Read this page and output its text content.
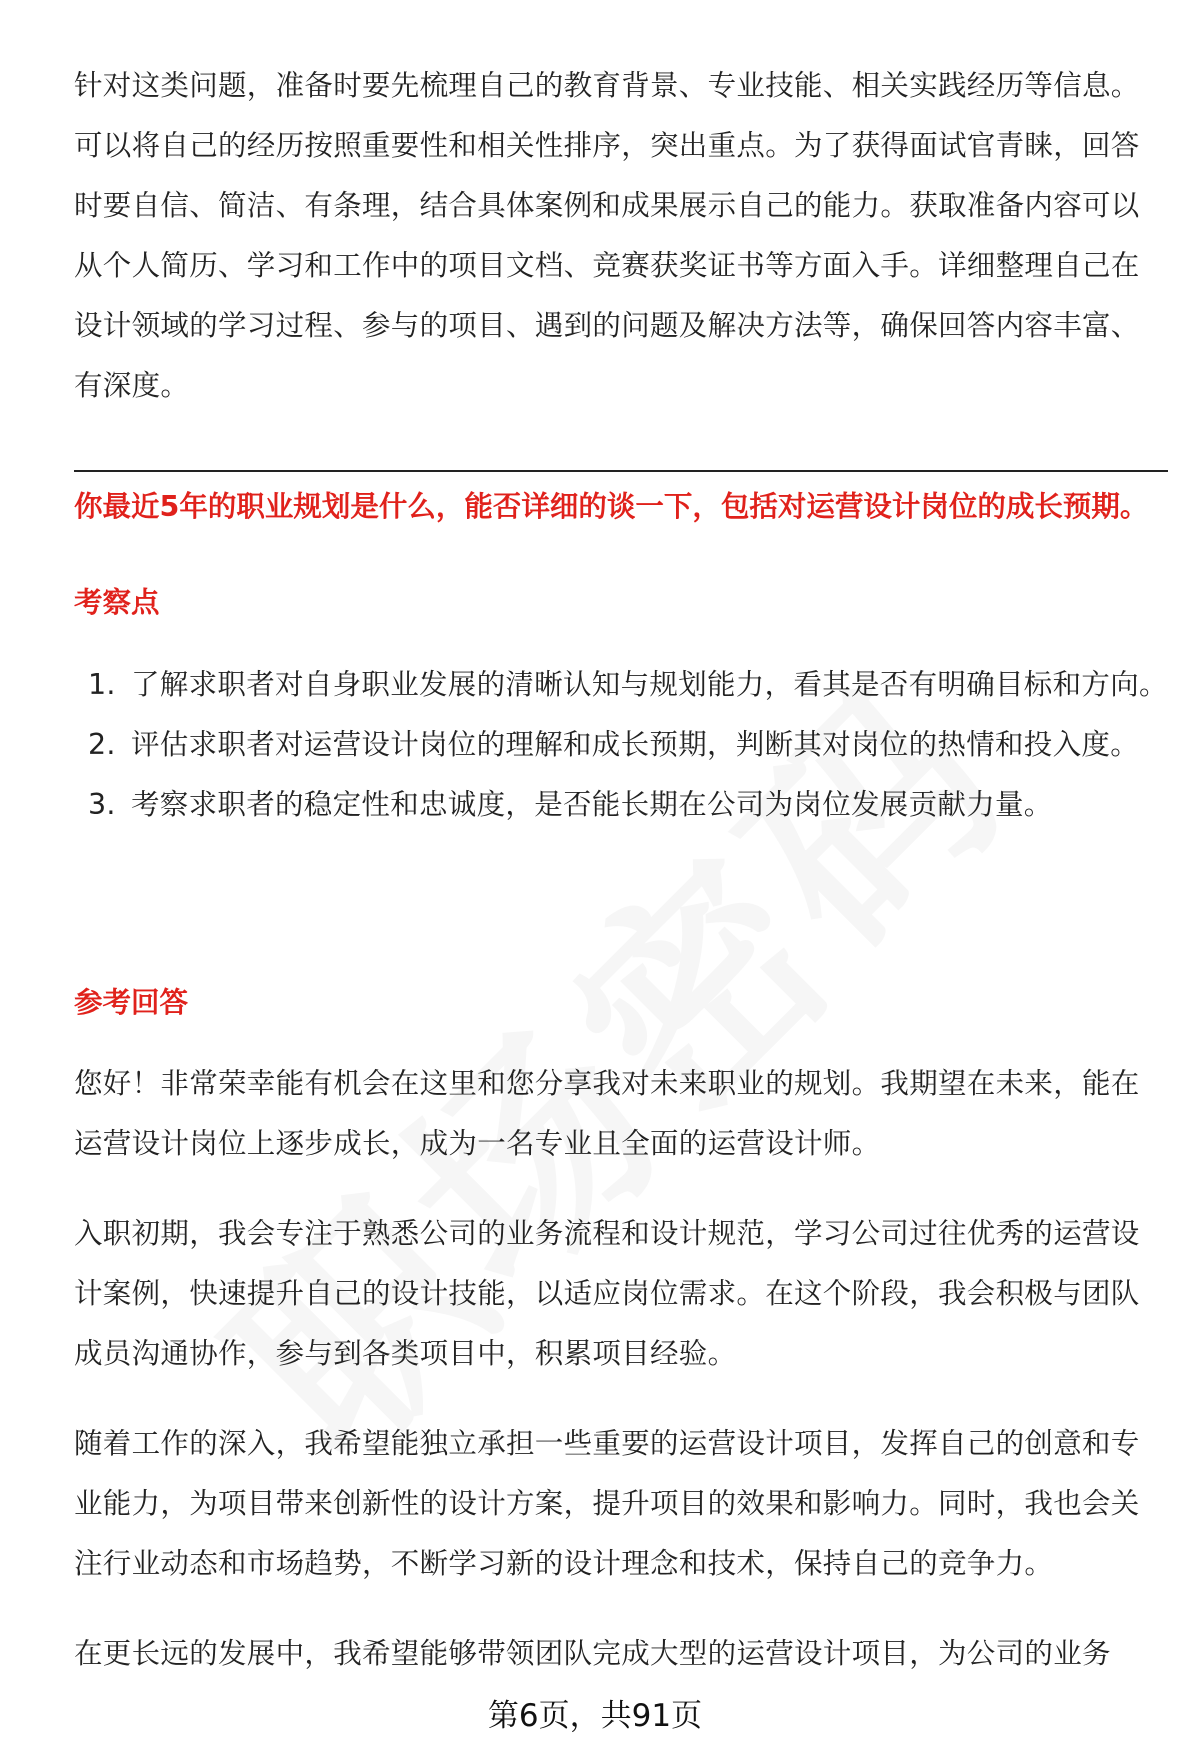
针对这类问题，准备时要先梳理自己的教育背景、专业技能、相关实践经历等信息。可以将自己的经历按照重要性和相关性排序，突出重点。为了获得面试官青睐，回答时要自信、简洁、有条理，结合具体案例和成果展示自己的能力。获取准备内容可以从个人简历、学习和工作中的项目文档、竞赛获奖证书等方面入手。详细整理自己在设计领域的学习过程、参与的项目、遇到的问题及解决方法等，确保回答内容丰富、有深度。

你最近5年的职业规划是什么，能否详细的谈一下，包括对运营设计岗位的成长预期。

考察点

1. 了解求职者对自身职业发展的清晰认知与规划能力，看其是否有明确目标和方向。
2. 评估求职者对运营设计岗位的理解和成长预期，判断其对岗位的热情和投入度。
3. 考察求职者的稳定性和忠诚度，是否能长期在公司为岗位发展贡献力量。

参考回答

您好！非常荣幸能有机会在这里和您分享我对未来职业的规划。我期望在未来，能在运营设计岗位上逐步成长，成为一名专业且全面的运营设计师。

入职初期，我会专注于熟悉公司的业务流程和设计规范，学习公司过往优秀的运营设计案例，快速提升自己的设计技能，以适应岗位需求。在这个阶段，我会积极与团队成员沟通协作，参与到各类项目中，积累项目经验。

随着工作的深入，我希望能独立承担一些重要的运营设计项目，发挥自己的创意和专业能力，为项目带来创新性的设计方案，提升项目的效果和影响力。同时，我也会关注行业动态和市场趋势，不断学习新的设计理念和技术，保持自己的竞争力。

在更长远的发展中，我希望能够带领团队完成大型的运营设计项目，为公司的业务

第6页，共91页
